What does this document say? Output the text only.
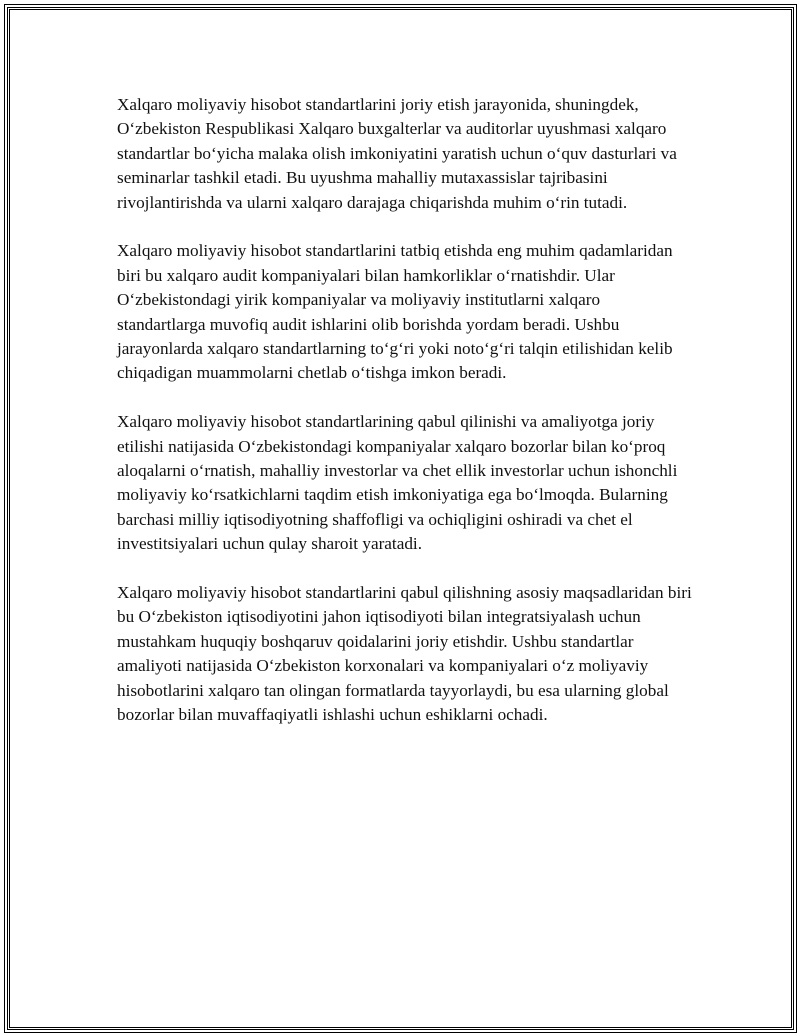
Xalqaro moliyaviy hisobot standartlarini joriy etish jarayonida, shuningdek, O‘zbekiston Respublikasi Xalqaro buxgalterlar va auditorlar uyushmasi xalqaro standartlar bo‘yicha malaka olish imkoniyatini yaratish uchun o‘quv dasturlari va seminarlar tashkil etadi. Bu uyushma mahalliy mutaxassislar tajribasini rivojlantirishda va ularni xalqaro darajaga chiqarishda muhim o‘rin tutadi.

Xalqaro moliyaviy hisobot standartlarini tatbiq etishda eng muhim qadamlaridan biri bu xalqaro audit kompaniyalari bilan hamkorliklar o‘rnatishdir. Ular O‘zbekistondagi yirik kompaniyalar va moliyaviy institutlarni xalqaro standartlarga muvofiq audit ishlarini olib borishda yordam beradi. Ushbu jarayonlarda xalqaro standartlarning to‘g‘ri yoki noto‘g‘ri talqin etilishidan kelib chiqadigan muammolarni chetlab o‘tishga imkon beradi.

Xalqaro moliyaviy hisobot standartlarining qabul qilinishi va amaliyotga joriy etilishi natijasida O‘zbekistondagi kompaniyalar xalqaro bozorlar bilan ko‘proq aloqalarni o‘rnatish, mahalliy investorlar va chet ellik investorlar uchun ishonchli moliyaviy ko‘rsatkichlarni taqdim etish imkoniyatiga ega bo‘lmoqda. Bularning barchasi milliy iqtisodiyotning shaffofligi va ochiqligini oshiradi va chet el investitsiyalari uchun qulay sharoit yaratadi.

Xalqaro moliyaviy hisobot standartlarini qabul qilishning asosiy maqsadlaridan biri bu O‘zbekiston iqtisodiyotini jahon iqtisodiyoti bilan integratsiyalash uchun mustahkam huquqiy boshqaruv qoidalarini joriy etishdir. Ushbu standartlar amaliyoti natijasida O‘zbekiston korxonalari va kompaniyalari o‘z moliyaviy hisobotlarini xalqaro tan olingan formatlarda tayyorlaydi, bu esa ularning global bozorlar bilan muvaffaqiyatli ishlashi uchun eshiklarni ochadi.
